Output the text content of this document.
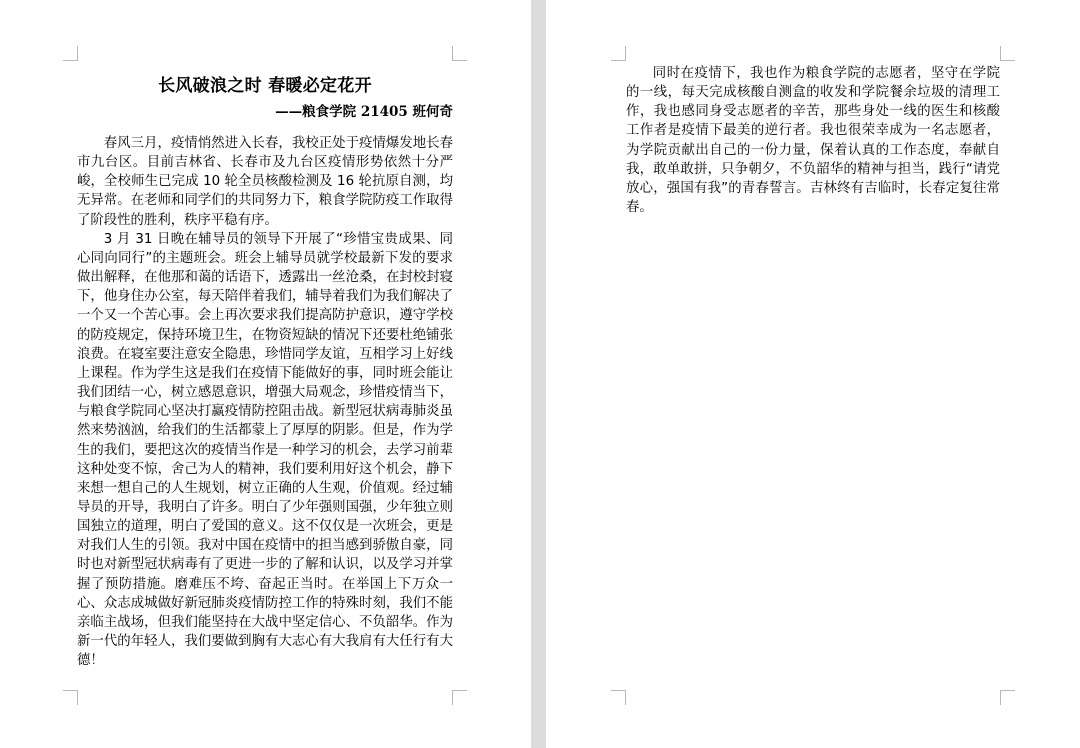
长风破浪之时 春暖必定花开

——粮食学院 21405 班何奇

春风三月，疫情悄然进入长春，我校正处于疫情爆发地长春市九台区。目前吉林省、长春市及九台区疫情形势依然十分严峻，全校师生已完成 10 轮全员核酸检测及 16 轮抗原自测，均无异常。在老师和同学们的共同努力下，粮食学院防疫工作取得了阶段性的胜利，秩序平稳有序。

3 月 31 日晚在辅导员的领导下开展了“珍惜宝贵成果、同心同向同行”的主题班会。班会上辅导员就学校最新下发的要求做出解释，在他那和蔼的话语下，透露出一丝沧桑，在封校封寝下，他身住办公室，每天陪伴着我们，辅导着我们为我们解决了一个又一个苦心事。会上再次要求我们提高防护意识，遵守学校的防疫规定，保持环境卫生，在物资短缺的情况下还要杜绝铺张浪费。在寝室要注意安全隐患，珍惜同学友谊，互相学习上好线上课程。作为学生这是我们在疫情下能做好的事，同时班会能让我们团结一心，树立感恩意识，增强大局观念，珍惜疫情当下，与粮食学院同心坚决打赢疫情防控阻击战。新型冠状病毒肺炎虽然来势汹汹，给我们的生活都蒙上了厚厚的阴影。但是，作为学生的我们，要把这次的疫情当作是一种学习的机会，去学习前辈这种处变不惊，舍己为人的精神，我们要利用好这个机会，静下来想一想自己的人生规划，树立正确的人生观，价值观。经过辅导员的开导，我明白了许多。明白了少年强则国强，少年独立则国独立的道理，明白了爱国的意义。这不仅仅是一次班会，更是对我们人生的引领。我对中国在疫情中的担当感到骄傲自豪，同时也对新型冠状病毒有了更进一步的了解和认识，以及学习并掌握了预防措施。磨难压不垮、奋起正当时。在举国上下万众一心、众志成城做好新冠肺炎疫情防控工作的特殊时刻，我们不能亲临主战场，但我们能坚持在大战中坚定信心、不负韶华。作为新一代的年轻人，我们要做到胸有大志心有大我肩有大任行有大德！

同时在疫情下，我也作为粮食学院的志愿者，坚守在学院的一线，每天完成核酸自测盒的收发和学院餐余垃圾的清理工作，我也感同身受志愿者的辛苦，那些身处一线的医生和核酸工作者是疫情下最美的逆行者。我也很荣幸成为一名志愿者，为学院贡献出自己的一份力量，保着认真的工作态度，奉献自我，敢单敢拼，只争朝夕，不负韶华的精神与担当，践行“请党放心，强国有我”的青春誓言。吉林终有吉临时，长春定复往常春。
